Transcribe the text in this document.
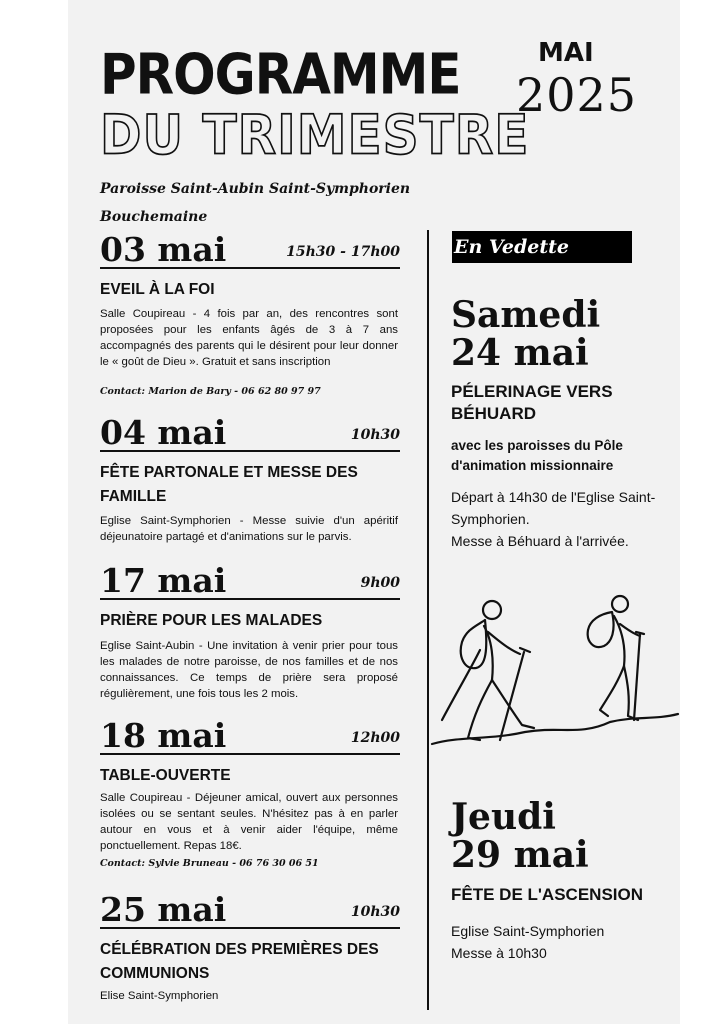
PROGRAMME
DU TRIMESTRE
MAI
2025
Paroisse Saint-Aubin Saint-Symphorien
Bouchemaine
03 mai	15h30 - 17h00
EVEIL À LA FOI
Salle Coupireau - 4 fois par an, des rencontres sont proposées pour les enfants âgés de 3 à 7 ans accompagnés des parents qui le désirent pour leur donner le « goût de Dieu ». Gratuit et sans inscription
Contact: Marion de Bary - 06 62 80 97 97
04 mai	10h30
FÊTE PARTONALE ET MESSE DES FAMILLE
Eglise Saint-Symphorien - Messe suivie d'un apéritif déjeunatoire partagé et d'animations sur le parvis.
17 mai	9h00
PRIÈRE POUR LES MALADES
Eglise Saint-Aubin - Une invitation à venir prier pour tous les malades de notre paroisse, de nos familles et de nos connaissances. Ce temps de prière sera proposé régulièrement, une fois tous les 2 mois.
18 mai	12h00
TABLE-OUVERTE
Salle Coupireau - Déjeuner amical, ouvert aux personnes isolées ou se sentant seules. N'hésitez pas à en parler autour en vous et à venir aider l'équipe, même ponctuellement. Repas 18€.
Contact: Sylvie Bruneau - 06 76 30 06 51
25 mai	10h30
CÉLÉBRATION DES PREMIÈRES DES COMMUNIONS
Elise Saint-Symphorien
En Vedette
Samedi
24 mai
PÉLERINAGE VERS BÉHUARD
avec les paroisses du Pôle d'animation missionnaire
Départ à 14h30 de l'Eglise Saint-Symphorien.
Messe à Béhuard à l'arrivée.
Jeudi
29 mai
FÊTE DE L'ASCENSION
Eglise Saint-Symphorien
Messe à 10h30
